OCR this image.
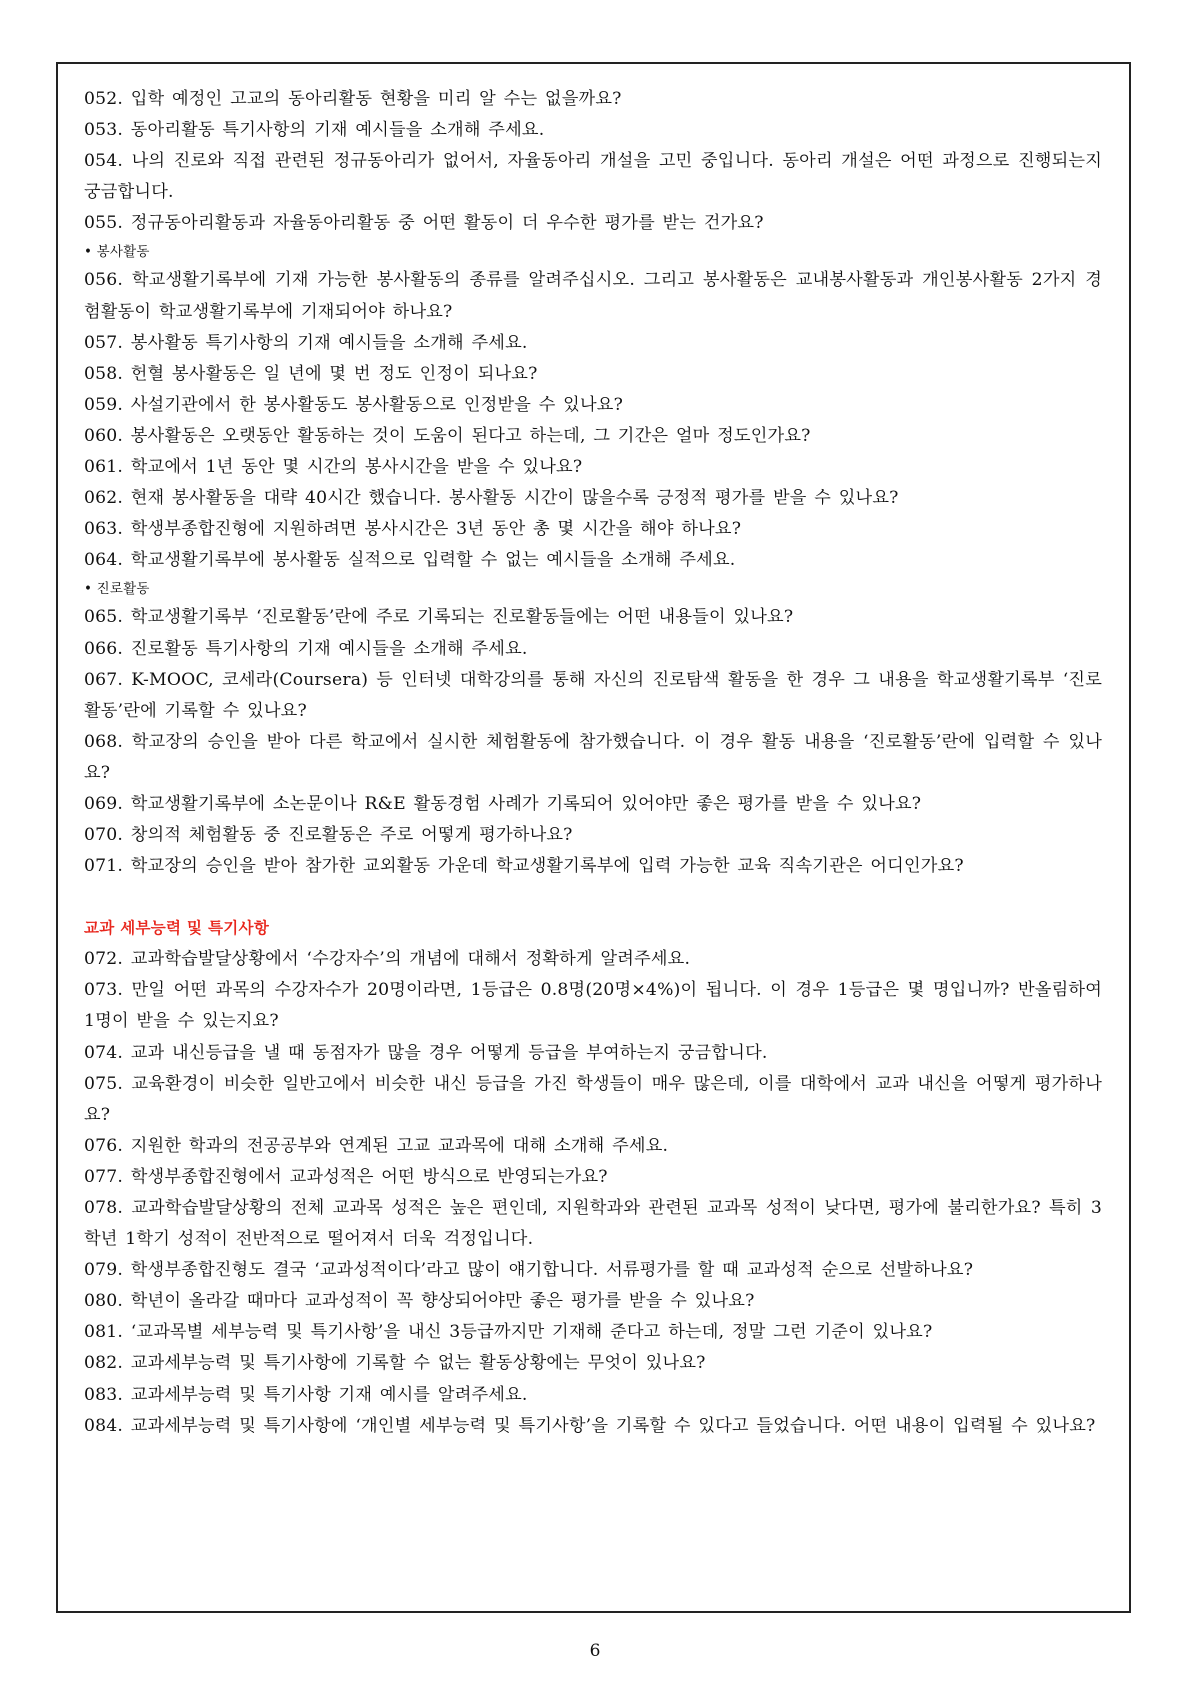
052. 입학 예정인 고교의 동아리활동 현황을 미리 알 수는 없을까요?

053. 동아리활동 특기사항의 기재 예시들을 소개해 주세요.

054. 나의 진로와 직접 관련된 정규동아리가 없어서, 자율동아리 개설을 고민 중입니다. 동아리 개설은 어떤 과정으로 진행되는지 궁금합니다.

055. 정규동아리활동과 자율동아리활동 중 어떤 활동이 더 우수한 평가를 받는 건가요?

• 봉사활동

056. 학교생활기록부에 기재 가능한 봉사활동의 종류를 알려주십시오. 그리고 봉사활동은 교내봉사활동과 개인봉사활동 2가지 경험활동이 학교생활기록부에 기재되어야 하나요?

057. 봉사활동 특기사항의 기재 예시들을 소개해 주세요.

058. 헌혈 봉사활동은 일 년에 몇 번 정도 인정이 되나요?

059. 사설기관에서 한 봉사활동도 봉사활동으로 인정받을 수 있나요?

060. 봉사활동은 오랫동안 활동하는 것이 도움이 된다고 하는데, 그 기간은 얼마 정도인가요?

061. 학교에서 1년 동안 몇 시간의 봉사시간을 받을 수 있나요?

062. 현재 봉사활동을 대략 40시간 했습니다. 봉사활동 시간이 많을수록 긍정적 평가를 받을 수 있나요?

063. 학생부종합진형에 지원하려면 봉사시간은 3년 동안 총 몇 시간을 해야 하나요?

064. 학교생활기록부에 봉사활동 실적으로 입력할 수 없는 예시들을 소개해 주세요.

• 진로활동

065. 학교생활기록부 ‘진로활동’란에 주로 기록되는 진로활동들에는 어떤 내용들이 있나요?

066. 진로활동 특기사항의 기재 예시들을 소개해 주세요.

067. K-MOOC, 코세라(Coursera) 등 인터넷 대학강의를 통해 자신의 진로탐색 활동을 한 경우 그 내용을 학교생활기록부 ‘진로활동’란에 기록할 수 있나요?

068. 학교장의 승인을 받아 다른 학교에서 실시한 체험활동에 참가했습니다. 이 경우 활동 내용을 ‘진로활동’란에 입력할 수 있나요?

069. 학교생활기록부에 소논문이나 R&E 활동경험 사례가 기록되어 있어야만 좋은 평가를 받을 수 있나요?

070. 창의적 체험활동 중 진로활동은 주로 어떻게 평가하나요?

071. 학교장의 승인을 받아 참가한 교외활동 가운데 학교생활기록부에 입력 가능한 교육 직속기관은 어디인가요?

교과 세부능력 및 특기사항

072. 교과학습발달상황에서 ‘수강자수’의 개념에 대해서 정확하게 알려주세요.

073. 만일 어떤 과목의 수강자수가 20명이라면, 1등급은 0.8명(20명×4%)이 됩니다. 이 경우 1등급은 몇 명입니까? 반올림하여 1명이 받을 수 있는지요?

074. 교과 내신등급을 낼 때 동점자가 많을 경우 어떻게 등급을 부여하는지 궁금합니다.

075. 교육환경이 비슷한 일반고에서 비슷한 내신 등급을 가진 학생들이 매우 많은데, 이를 대학에서 교과 내신을 어떻게 평가하나요?

076. 지원한 학과의 전공공부와 연계된 고교 교과목에 대해 소개해 주세요.

077. 학생부종합진형에서 교과성적은 어떤 방식으로 반영되는가요?

078. 교과학습발달상황의 전체 교과목 성적은 높은 편인데, 지원학과와 관련된 교과목 성적이 낮다면, 평가에 불리한가요? 특히 3학년 1학기 성적이 전반적으로 떨어져서 더욱 걱정입니다.

079. 학생부종합진형도 결국 ‘교과성적이다’라고 많이 얘기합니다. 서류평가를 할 때 교과성적 순으로 선발하나요?

080. 학년이 올라갈 때마다 교과성적이 꼭 향상되어야만 좋은 평가를 받을 수 있나요?

081. ‘교과목별 세부능력 및 특기사항’을 내신 3등급까지만 기재해 준다고 하는데, 정말 그런 기준이 있나요?

082. 교과세부능력 및 특기사항에 기록할 수 없는 활동상황에는 무엇이 있나요?

083. 교과세부능력 및 특기사항 기재 예시를 알려주세요.

084. 교과세부능력 및 특기사항에 ‘개인별 세부능력 및 특기사항’을 기록할 수 있다고 들었습니다. 어떤 내용이 입력될 수 있나요?

6
